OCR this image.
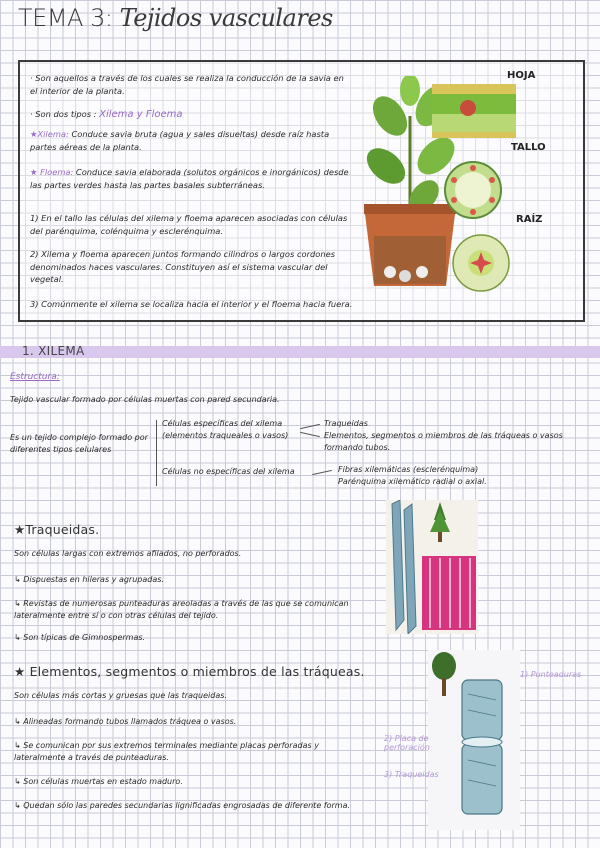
TEMA 3: Tejidos vasculares
· Son aquellos a través de los cuales se realiza la conducción de la savia en el interior de la planta.
· Son dos tipos : Xilema y Floema
★Xilema: Conduce savia bruta (agua y sales disueltas) desde raíz hasta partes aéreas de la planta.
★ Floema: Conduce savia elaborada (solutos orgánicos e inorgánicos) desde las partes verdes hasta las partes basales subterráneas.
1) En el tallo las células del xilema y floema aparecen asociadas con células del parénquima, colénquima y esclerénquima.
2) Xilema y floema aparecen juntos formando cilindros o largos cordones denominados haces vasculares. Constituyen así el sistema vascular del vegetal.
3) Comúnmente el xilema se localiza hacia el interior y el floema hacia fuera.
HOJA
TALLO
RAÍZ
1. XILEMA
Estructura:
Tejido vascular formado por células muertas con pared secundaria.
Es un tejido complejo formado por diferentes tipos celulares
Células específicas del xilema (elementos traqueales o vasos)
Traqueidas
Elementos, segmentos o miembros de las tráqueas o vasos formando tubos.
Células no específicas del xilema	Fibras xilemáticas (esclerénquima)
Parénquima xilemático radial o axial.
★Traqueidas.
Son células largas con extremos afilados, no perforados.
↳ Dispuestas en hileras y agrupadas.
↳ Revistas de numerosas punteaduras areoladas a través de las que se comunican lateralmente entre sí o con otras células del tejido.
↳ Son típicas de Gimnospermas.
★ Elementos, segmentos o miembros de las tráqueas.
Son células más cortas y gruesas que las traqueidas.
↳ Alineadas formando tubos llamados tráquea o vasos.
↳ Se comunican por sus extremos terminales mediante placas perforadas y lateralmente a través de punteaduras.
↳ Son células muertas en estado maduro.
↳ Quedan sólo las paredes secundarias lignificadas engrosadas de diferente forma.
1) Punteaduras
2) Placa de perforación
3) Traqueidas
